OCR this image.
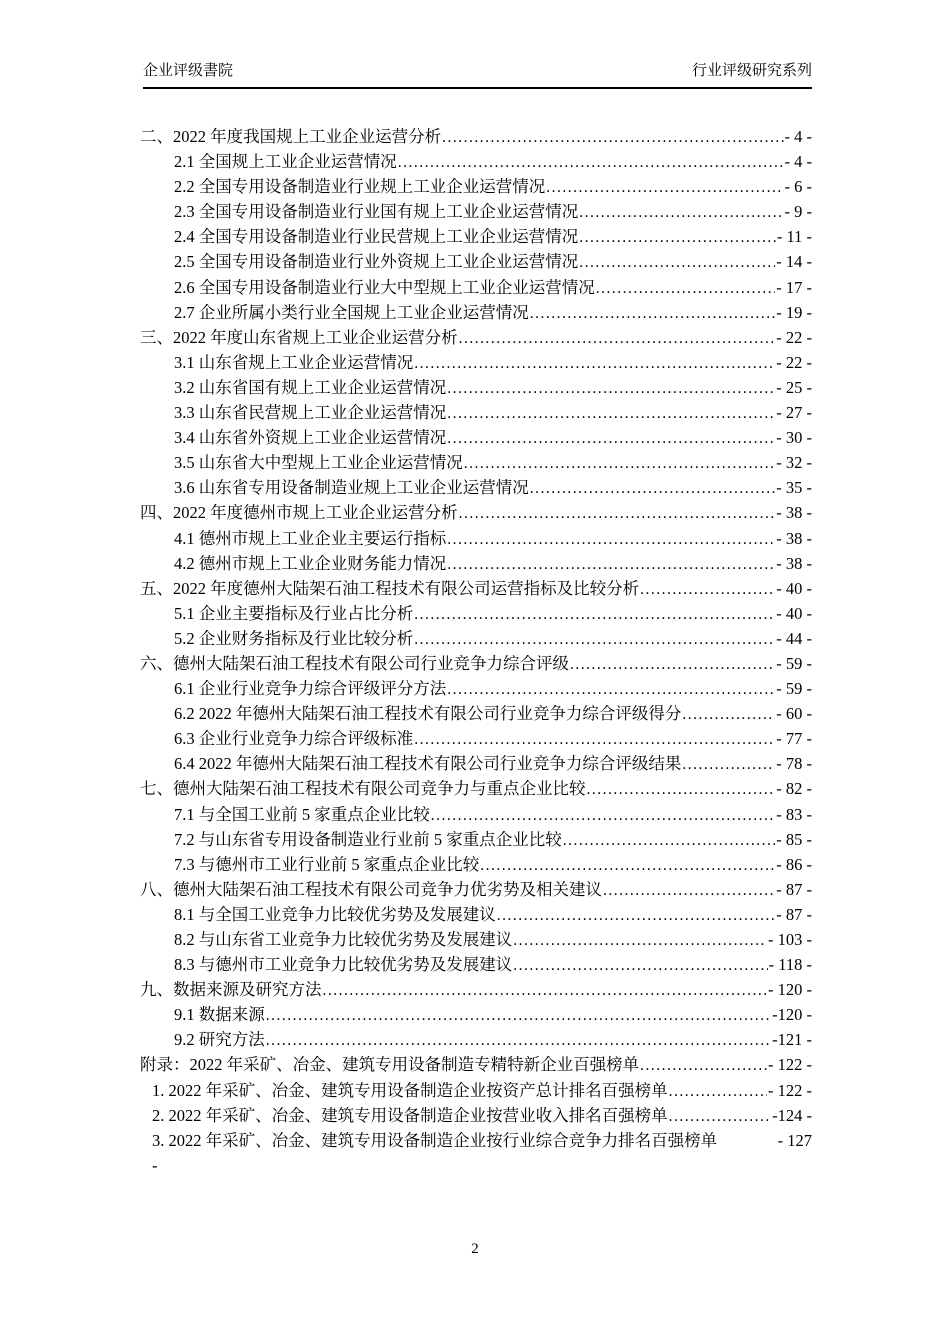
企业评级書院	行业评级研究系列
二、2022 年度我国规上工业企业运营分析 .....	- 4 -
2.1 全国规上工业企业运营情况 .....	- 4 -
2.2 全国专用设备制造业行业规上工业企业运营情况 .....	- 6 -
2.3 全国专用设备制造业行业国有规上工业企业运营情况 .....	- 9 -
2.4 全国专用设备制造业行业民营规上工业企业运营情况 .....	- 11 -
2.5 全国专用设备制造业行业外资规上工业企业运营情况 .....	- 14 -
2.6 全国专用设备制造业行业大中型规上工业企业运营情况 .....	- 17 -
2.7 企业所属小类行业全国规上工业企业运营情况 .....	- 19 -
三、2022 年度山东省规上工业企业运营分析 .....	- 22 -
3.1 山东省规上工业企业运营情况 .....	- 22 -
3.2 山东省国有规上工业企业运营情况 .....	- 25 -
3.3 山东省民营规上工业企业运营情况 .....	- 27 -
3.4 山东省外资规上工业企业运营情况 .....	- 30 -
3.5 山东省大中型规上工业企业运营情况 .....	- 32 -
3.6 山东省专用设备制造业规上工业企业运营情况 .....	- 35 -
四、2022 年度德州市规上工业企业运营分析 .....	- 38 -
4.1 德州市规上工业企业主要运行指标 .....	- 38 -
4.2 德州市规上工业企业财务能力情况 .....	- 38 -
五、2022 年度德州大陆架石油工程技术有限公司运营指标及比较分析 .....	- 40 -
5.1 企业主要指标及行业占比分析 .....	- 40 -
5.2 企业财务指标及行业比较分析 .....	- 44 -
六、德州大陆架石油工程技术有限公司行业竞争力综合评级 .....	- 59 -
6.1 企业行业竞争力综合评级评分方法 .....	- 59 -
6.2 2022 年德州大陆架石油工程技术有限公司行业竞争力综合评级得分 .....	- 60 -
6.3 企业行业竞争力综合评级标准 .....	- 77 -
6.4 2022 年德州大陆架石油工程技术有限公司行业竞争力综合评级结果 .....	- 78 -
七、德州大陆架石油工程技术有限公司竞争力与重点企业比较 .....	- 82 -
7.1 与全国工业前 5 家重点企业比较 .....	- 83 -
7.2 与山东省专用设备制造业行业前 5 家重点企业比较 .....	- 85 -
7.3 与德州市工业行业前 5 家重点企业比较 .....	- 86 -
八、德州大陆架石油工程技术有限公司竞争力优劣势及相关建议 .....	- 87 -
8.1 与全国工业竞争力比较优劣势及发展建议 .....	- 87 -
8.2 与山东省工业竞争力比较优劣势及发展建议 .....	- 103 -
8.3 与德州市工业竞争力比较优劣势及发展建议 .....	- 118 -
九、数据来源及研究方法 .....	- 120 -
9.1 数据来源 .....	-120 -
9.2 研究方法 .....	-121 -
附录：2022 年采矿、冶金、建筑专用设备制造专精特新企业百强榜单 .....	- 122 -
1. 2022 年采矿、冶金、建筑专用设备制造企业按资产总计排名百强榜单 .....	- 122 -
2. 2022 年采矿、冶金、建筑专用设备制造企业按营业收入排名百强榜单 .....	-124 -
3. 2022 年采矿、冶金、建筑专用设备制造企业按行业综合竞争力排名百强榜单	- 127
-
2
